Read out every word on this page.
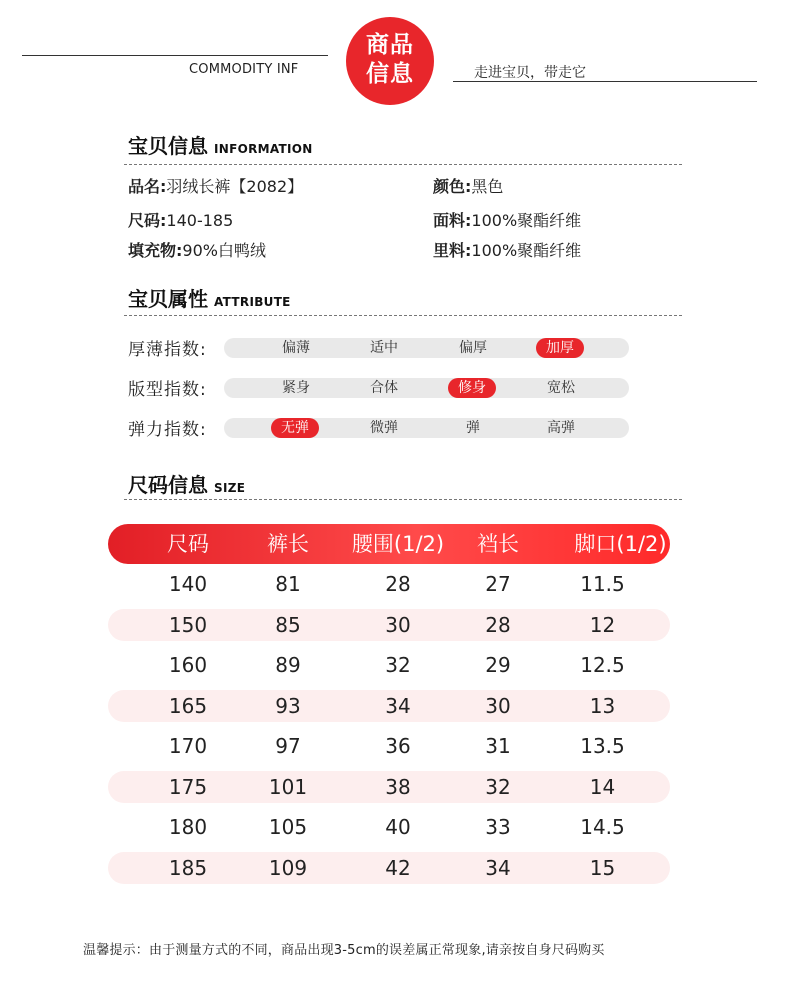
COMMODITY INF
商品
信息	走进宝贝，带走它
宝贝信息 INFORMATION
品名:羽绒长裤【2082】	颜色:黑色
尺码:140-185	面料:100%聚酯纤维
填充物:90%白鸭绒	里料:100%聚酯纤维
宝贝属性 ATTRIBUTE
厚薄指数:	偏薄	适中	偏厚	加厚
版型指数:	紧身	合体	修身	宽松
弹力指数:	无弹	微弹	弹	高弹
尺码信息 SIZE
尺码	裤长	腰围(1/2)	裆长	脚口(1/2)
140	81	28	27	11.5
150	85	30	28	12
160	89	32	29	12.5
165	93	34	30	13
170	97	36	31	13.5
175	101	38	32	14
180	105	40	33	14.5
185	109	42	34	15
温馨提示：由于测量方式的不同，商品出现3-5cm的误差属正常现象,请亲按自身尺码购买
